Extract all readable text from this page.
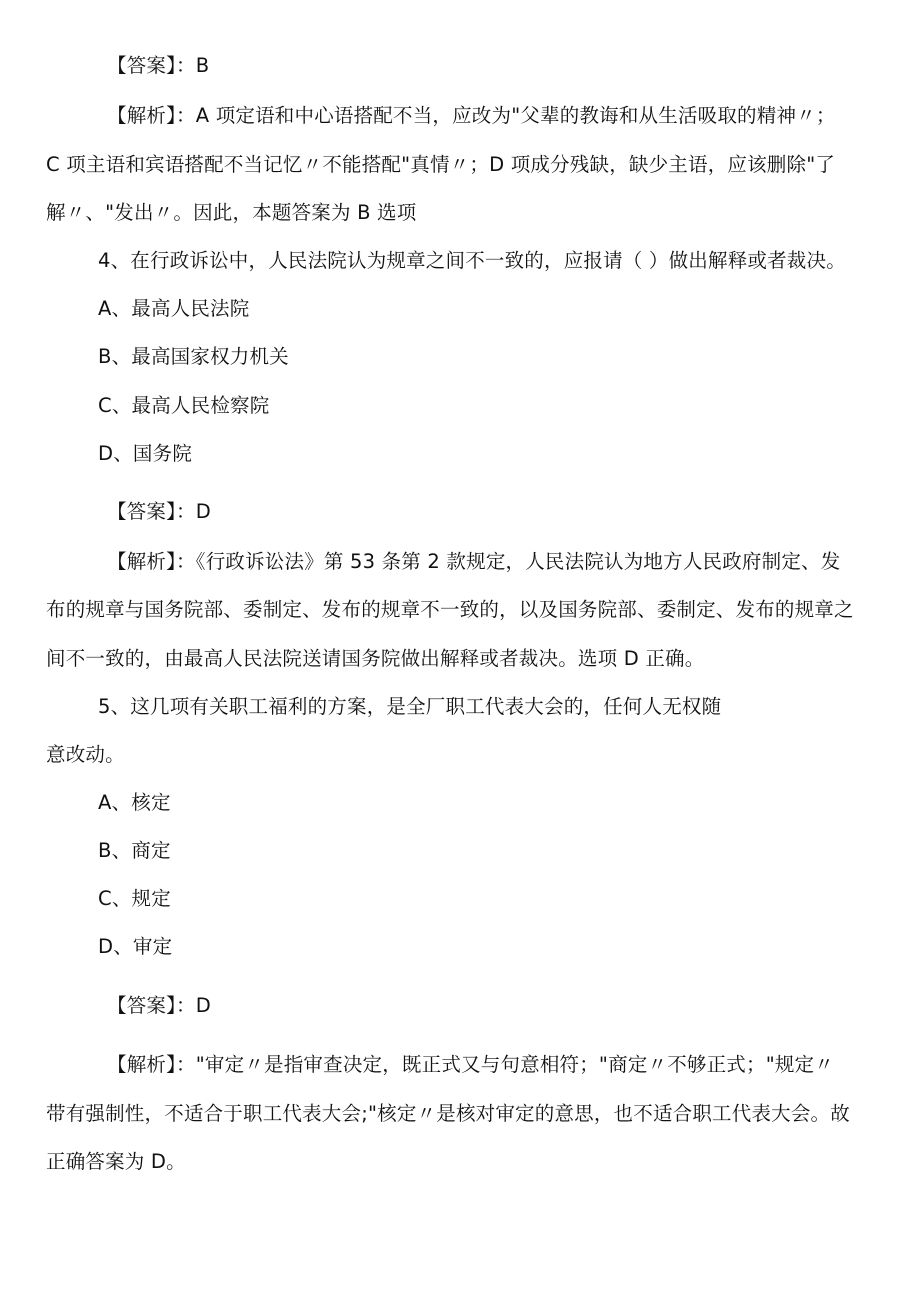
【答案】：B
【解析】：A 项定语和中心语搭配不当，应改为"父辈的教诲和从生活吸取的精神〃；
C 项主语和宾语搭配不当记忆〃不能搭配"真情〃；D 项成分残缺，缺少主语，应该删除"了
解〃、"发出〃。因此，本题答案为 B 选项
4、在行政诉讼中，人民法院认为规章之间不一致的，应报请（ ）做出解释或者裁决。
A、最高人民法院
B、最高国家权力机关
C、最高人民检察院
D、国务院
【答案】：D
【解析】：《行政诉讼法》第 53 条第 2 款规定，人民法院认为地方人民政府制定、发
布的规章与国务院部、委制定、发布的规章不一致的，以及国务院部、委制定、发布的规章之
间不一致的，由最高人民法院送请国务院做出解释或者裁决。选项 D 正确。
5、这几项有关职工福利的方案，是全厂职工代表大会的，任何人无权随
意改动。
A、核定
B、商定
C、规定
D、审定
【答案】：D
【解析】："审定〃是指审查决定，既正式又与句意相符；"商定〃不够正式；"规定〃
带有强制性，不适合于职工代表大会;"核定〃是核对审定的意思，也不适合职工代表大会。故
正确答案为 D。
